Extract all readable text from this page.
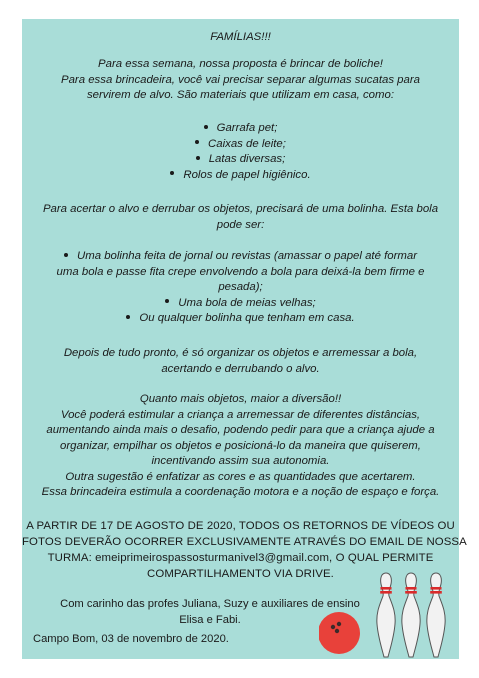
FAMÍLIAS!!!
Para essa semana, nossa proposta é brincar de boliche!
Para essa brincadeira, você vai precisar separar algumas sucatas para
servirem de alvo. São materiais que utilizam em casa, como:
Garrafa pet;
Caixas de leite;
Latas diversas;
Rolos de papel higiênico.
Para acertar o alvo e derrubar os objetos, precisará de uma bolinha. Esta bola
pode ser:
Uma bolinha feita de jornal ou revistas (amassar o papel até formar
uma bola e passe fita crepe envolvendo a bola para deixá-la bem firme e
pesada);
Uma bola de meias velhas;
Ou qualquer bolinha que tenham em casa.
Depois de tudo pronto, é só organizar os objetos e arremessar a bola,
acertando e derrubando o alvo.
Quanto mais objetos, maior a diversão!!
Você poderá estimular a criança a arremessar de diferentes distâncias,
aumentando ainda mais o desafio, podendo pedir para que a criança ajude a
organizar, empilhar os objetos e posicioná-lo da maneira que quiserem,
incentivando assim sua autonomia.
Outra sugestão é enfatizar as cores e as quantidades que acertarem.
Essa brincadeira estimula a coordenação motora e a noção de espaço e força.
A PARTIR DE 17 DE AGOSTO DE 2020, TODOS OS RETORNOS DE VÍDEOS OU
FOTOS DEVERÃO OCORRER EXCLUSIVAMENTE ATRAVÉS DO EMAIL DE NOSSA
TURMA: emeiprimeirospassosturmanivel3@gmail.com, O QUAL PERMITE
COMPARTILHAMENTO VIA DRIVE.
Com carinho das profes Juliana, Suzy e auxiliares de ensino
Elisa e Fabi.
Campo Bom, 03 de novembro de 2020.
